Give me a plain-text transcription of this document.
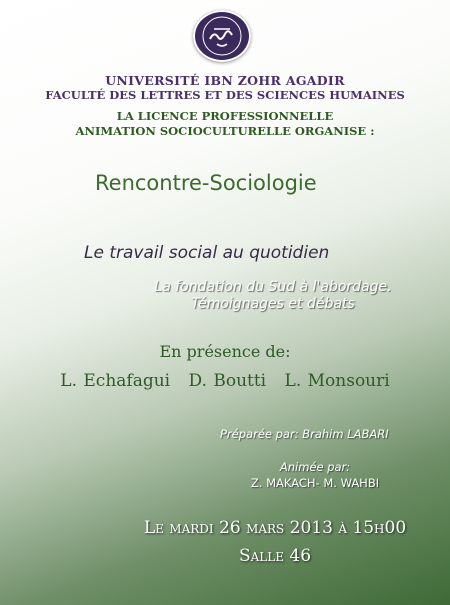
UNIVERSITÉ IBN ZOHR AGADIR

FACULTÉ DES LETTRES ET DES SCIENCES HUMAINES

LA LICENCE PROFESSIONNELLE

ANIMATION SOCIOCULTURELLE ORGANISE :

Rencontre-Sociologie

Le travail social au quotidien

La fondation du Sud à l'abordage.
Témoignages et débats

En présence de:

L. Echafagui D. Boutti L. Monsouri

Préparée par: Brahim LABARI

Animée par:

Z. MAKACH- M. WAHBI

Le mardi 26 mars 2013 à 15h00

Salle 46
